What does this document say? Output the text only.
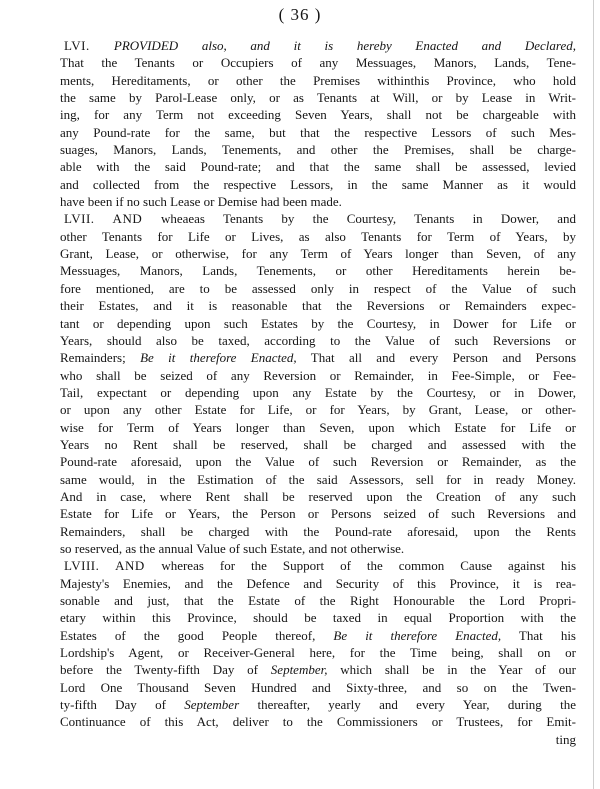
( 36 )
LVI. PROVIDED also, and it is hereby Enacted and Declared,
That the Tenants or Occupiers of any Messuages, Manors, Lands, Tene-
ments, Hereditaments, or other the Premises withinthis Province, who hold
the same by Parol-Lease only, or as Tenants at Will, or by Lease in Writ-
ing, for any Term not exceeding Seven Years, shall not be chargeable with
any Pound-rate for the same, but that the respective Lessors of such Mes-
suages, Manors, Lands, Tenements, and other the Premises, shall be charge-
able with the said Pound-rate; and that the same shall be assessed, levied
and collected from the respective Lessors, in the same Manner as it would
have been if no such Lease or Demise had been made.
LVII. AND wheaeas Tenants by the Courtesy, Tenants in Dower, and
other Tenants for Life or Lives, as also Tenants for Term of Years, by
Grant, Lease, or otherwise, for any Term of Years longer than Seven, of any
Messuages, Manors, Lands, Tenements, or other Hereditaments herein be-
fore mentioned, are to be assessed only in respect of the Value of such
their Estates, and it is reasonable that the Reversions or Remainders expec-
tant or depending upon such Estates by the Courtesy, in Dower for Life or
Years, should also be taxed, according to the Value of such Reversions or
Remainders; Be it therefore Enacted, That all and every Person and Persons
who shall be seized of any Reversion or Remainder, in Fee-Simple, or Fee-
Tail, expectant or depending upon any Estate by the Courtesy, or in Dower,
or upon any other Estate for Life, or for Years, by Grant, Lease, or other-
wise for Term of Years longer than Seven, upon which Estate for Life or
Years no Rent shall be reserved, shall be charged and assessed with the
Pound-rate aforesaid, upon the Value of such Reversion or Remainder, as the
same would, in the Estimation of the said Assessors, sell for in ready Money.
And in case, where Rent shall be reserved upon the Creation of any such
Estate for Life or Years, the Person or Persons seized of such Reversions and
Remainders, shall be charged with the Pound-rate aforesaid, upon the Rents
so reserved, as the annual Value of such Estate, and not otherwise.
LVIII. AND whereas for the Support of the common Cause against his
Majesty's Enemies, and the Defence and Security of this Province, it is rea-
sonable and just, that the Estate of the Right Honourable the Lord Propri-
etary within this Province, should be taxed in equal Proportion with the
Estates of the good People thereof, Be it therefore Enacted, That his
Lordship's Agent, or Receiver-General here, for the Time being, shall on or
before the Twenty-fifth Day of September, which shall be in the Year of our
Lord One Thousand Seven Hundred and Sixty-three, and so on the Twen-
ty-fifth Day of September thereafter, yearly and every Year, during the
Continuance of this Act, deliver to the Commissioners or Trustees, for Emit-
ting
